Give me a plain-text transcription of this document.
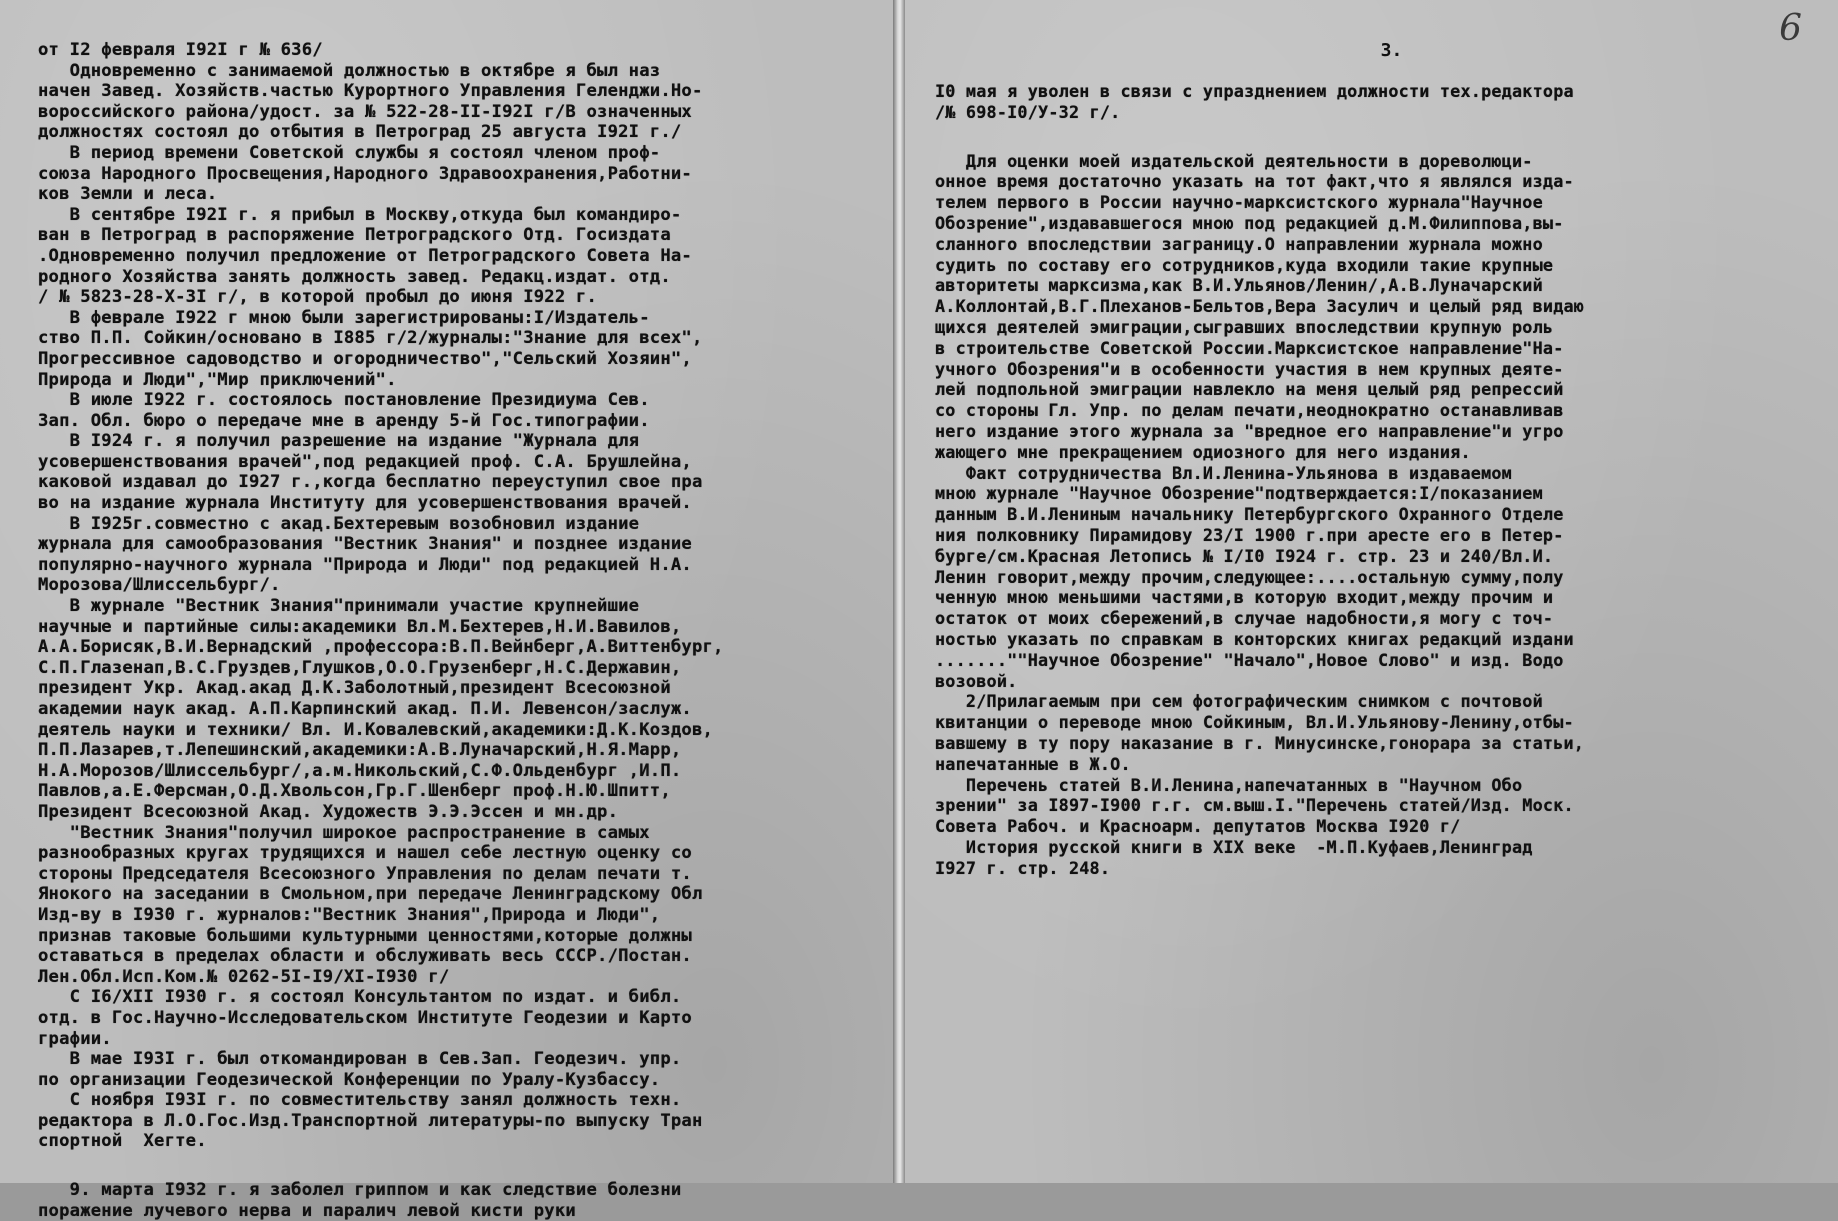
от I2 февраля I92I г № 636/
Одновременно с занимаемой должностью в октябре я был наз
начен Завед. Хозяйств.частью Курортного Управления Геленджи.Но-
вороссийского района/удост. за № 522-28-II-I92I г/В означенных
должностях состоял до отбытия в Петроград 25 августа I92I г./
В период времени Советской службы я состоял членом проф-
союза Народного Просвещения,Народного Здравоохранения,Работни-
ков Земли и леса.
В сентябре I92I г. я прибыл в Москву,откуда был командиро-
ван в Петроград в распоряжение Петроградского Отд. Госиздата
.Одновременно получил предложение от Петроградского Совета На-
родного Хозяйства занять должность завед. Редакц.издат. отд.
/ № 5823-28-X-3I г/, в которой пробыл до июня I922 г.
В феврале I922 г мною были зарегистрированы:I/Издатель-
ство П.П. Сойкин/основано в I885 г/2/журналы:"Знание для всех",
Прогрессивное садоводство и огородничество","Сельский Хозяин",
Природа и Люди","Мир приключений".
В июле I922 г. состоялось постановление Президиума Сев.
Зап. Обл. бюро о передаче мне в аренду 5-й Гос.типографии.
В I924 г. я получил разрешение на издание "Журнала для
усовершенствования врачей",под редакцией проф. С.А. Брушлейна,
какoвой издавал до I927 г.,когда бесплатно переуступил свое пра
во на издание журнала Институту для усовершенствования врачей.
В I925г.совместно с акад.Бехтеревым возобновил издание
журнала для самообразования "Вестник Знания" и позднее издание
популярно-научного журнала "Природа и Люди" под редакцией Н.А.
Морозова/Шлиссельбург/.
В журнале "Вестник Знания"принимали участие крупнейшие
научные и партийные силы:академики Вл.М.Бехтерев,Н.И.Вавилов,
А.А.Борисяк,В.И.Вернадский ,профессора:В.П.Вейнберг,А.Виттенбург,
С.П.Глазенап,В.С.Груздев,Глушков,О.О.Грузенберг,Н.С.Державин,
президент Укр. Акад.акад Д.К.Заболотный,президент Всесоюзной
академии наук акад. А.П.Карпинский акад. П.И. Левенсон/заслуж.
деятель науки и техники/ Вл. И.Ковалевский,академики:Д.К.Коздов,
П.П.Лазарев,т.Лепешинский,академики:А.В.Луначарский,Н.Я.Марр,
Н.А.Морозов/Шлиссельбург/,а.м.Никольский,С.Ф.Ольденбург ,И.П.
Павлов,а.Е.Ферсман,О.Д.Хвольсон,Гр.Г.Шенберг проф.Н.Ю.Шпитт,
Президент Всесоюзной Акад. Художеств Э.Э.Эссен и мн.др.
"Вестник Знания"получил широкое распространение в самых
разнообразных кругах трудящихся и нашел себе лестную оценку со
стороны Председателя Всесоюзного Управления по делам печати т.
Янокого на заседании в Смольном,при передаче Ленинградскому Обл
Изд-ву в I930 г. журналов:"Вестник Знания",Природа и Люди",
признав таковые большими культурными ценностями,которые должны
оставаться в пределах области и обслуживать весь СССР./Постан.
Лен.Обл.Исп.Ком.№ 0262-5I-I9/XI-I930 г/
С I6/XII I930 г. я состоял Консультантом по издат. и библ.
отд. в Гос.Научно-Исследовательском Институте Геодезии и Карто
графии.
В мае I93I г. был откомандирован в Сев.Зап. Геодезич. упр.
по организации Геодезической Конференции по Уралу-Кузбассу.
С ноября I93I г. по совместительству занял должность техн.
редактора в Л.О.Гос.Изд.Транспортной литературы-по выпуску Тран
спортной  Хегте.
9. марта I932 г. я заболел гриппом и как следствие болезни
поражение лучевого нерва и паралич левой кисти руки
6
3.
I0 мая я уволен в связи с упразднением должности тех.редактора
/№ 698-I0/У-32 г/.
Для оценки моей издательской деятельности в дореволюци-
онное время достаточно указать на тот факт,что я являлся изда-
телем первого в России научно-марксистского журнала"Научное
Обозрение",издававшегося мною под редакцией д.М.Филиппова,вы-
сланного впоследствии заграницу.О направлении журнала можно
судить по составу его сотрудников,куда входили такие крупные
авторитеты марксизма,как В.И.Ульянов/Ленин/,А.В.Луначарский
А.Коллонтай,В.Г.Плеханов-Бельтов,Вера Засулич и целый ряд видаю
щихся деятелей эмиграции,сыгравших впоследствии крупную роль
в строительстве Советской России.Марксистское направление"На-
учного Обозрения"и в особенности участия в нем крупных деяте-
лей подпольной эмиграции навлекло на меня целый ряд репрессий
со стороны Гл. Упр. по делам печати,неоднократно останавливав
него издание этого журнала за "вредное его направление"и угро
жающего мне прекращением одиозного для него издания.
Факт сотрудничества Вл.И.Ленина-Ульянова в издаваемом
мною журнале "Научное Обозрение"подтверждается:I/показанием
данным В.И.Лениным начальнику Петербургского Охранного Отделе
ния полковнику Пирамидову 23/I 1900 г.при аресте его в Петер-
бурге/см.Красная Летопись № I/I0 I924 г. стр. 23 и 240/Вл.И.
Ленин говорит,между прочим,следующее:....остальную сумму,полу
ченную мною меньшими частями,в которую входит,между прочим и
остаток от моих сбережений,в случае надобности,я могу с точ-
ностью указать по справкам в конторских книгах редакций издани
.......""Научное Обозрение" "Начало",Новое Слово" и изд. Водо
возовой.
2/Прилагаемым при сем фотографическим снимком с почтовой
квитанции о переводе мною Сойкиным, Вл.И.Ульянову-Ленину,отбы-
вавшему в ту пору наказание в г. Минусинске,гонорара за статьи,
напечатанные в Ж.О.
Перечень статей В.И.Ленина,напечатанных в "Научном Обо
зрении" за I897-I900 г.г. см.выш.I."Перечень статей/Изд. Моск.
Совета Рабоч. и Красноарм. депутатов Москва I920 г/
История русской книги в XIX веке  -М.П.Куфаев,Ленинград
I927 г. стр. 248.
